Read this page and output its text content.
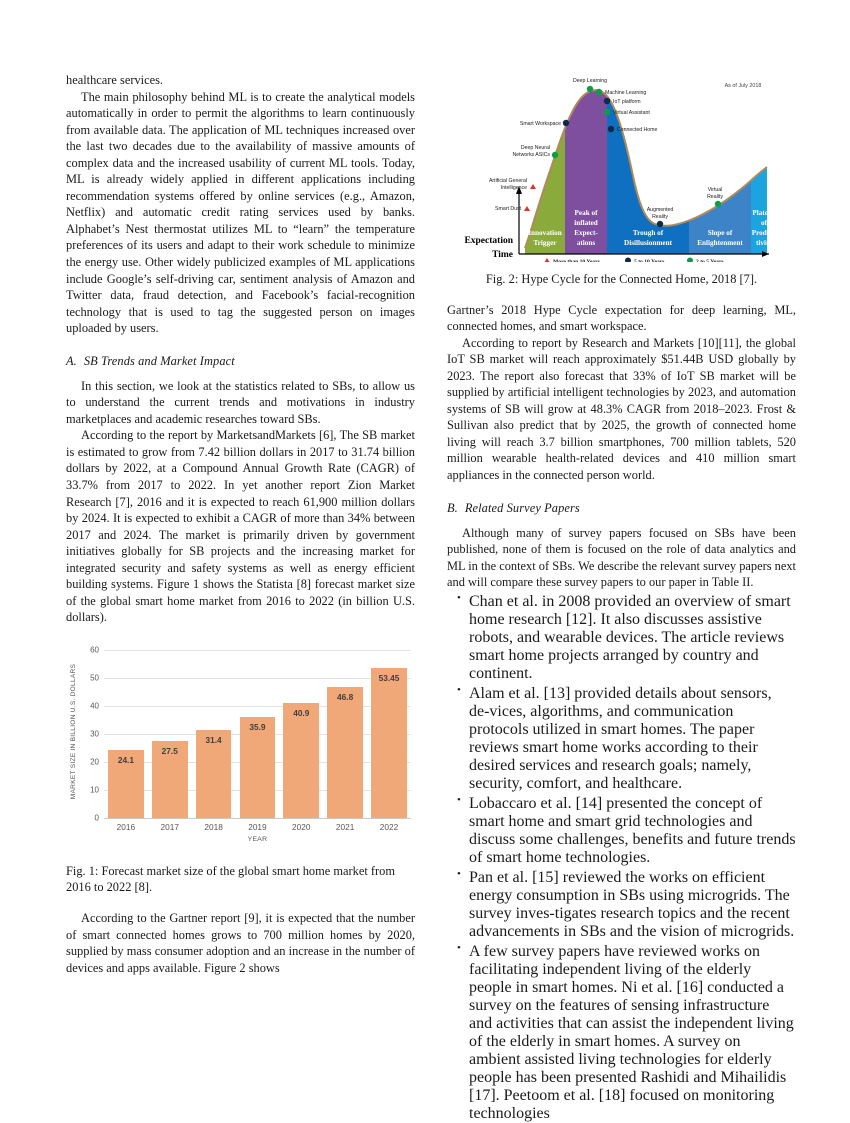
healthcare services.

The main philosophy behind ML is to create the analytical models automatically in order to permit the algorithms to learn continuously from available data. The application of ML techniques increased over the last two decades due to the availability of massive amounts of complex data and the increased usability of current ML tools. Today, ML is already widely applied in different applications including recommendation systems offered by online services (e.g., Amazon, Netflix) and automatic credit rating services used by banks. Alphabet’s Nest thermostat utilizes ML to “learn” the temperature preferences of its users and adapt to their work schedule to minimize the energy use. Other widely publicized examples of ML applications include Google’s self-driving car, sentiment analysis of Amazon and Twitter data, fraud detection, and Facebook’s facial-recognition technology that is used to tag the suggested person on images uploaded by users.

A. SB Trends and Market Impact

In this section, we look at the statistics related to SBs, to allow us to understand the current trends and motivations in industry marketplaces and academic researches toward SBs.

According to the report by MarketsandMarkets [6], The SB market is estimated to grow from 7.42 billion dollars in 2017 to 31.74 billion dollars by 2022, at a Compound Annual Growth Rate (CAGR) of 33.7% from 2017 to 2022. In yet another report Zion Market Research [7], 2016 and it is expected to reach 61,900 million dollars by 2024. It is expected to exhibit a CAGR of more than 34% between 2017 and 2024. The market is primarily driven by government initiatives globally for SB projects and the increasing market for integrated security and safety systems as well as energy efficient building systems. Figure 1 shows the Statista [8] forecast market size of the global smart home market from 2016 to 2022 (in billion U.S. dollars).

MARKET SIZE IN BILLION U.S. DOLLARS
60
50
40
30
20
10
0
24.1
27.5
31.4
35.9
40.9
46.8
53.45
2016	2017	2018	2019	2020	2021	2022
YEAR

Fig. 1: Forecast market size of the global smart home market from 2016 to 2022 [8].

According to the Gartner report [9], it is expected that the number of smart connected homes grows to 700 million homes by 2020, supplied by mass consumer adoption and an increase in the number of devices and apps available. Figure 2 shows

Expectation
Time
As of July 2018
Innovation
Trigger
Peak of
inflated
Expect-
ations
Trough of
Disillusionment
Slope of
Enlightenment
Plateau
of
Produc-
tivity
Smart Dust
Artificial General
Intelligence
Deep Neural
Networks ASICs
Smart Workspace
Deep Learning
Machine Learning
IoT platform
Virtual Assistant
Connected Home
Augmented
Reality
Virtual
Reality
More than 10 Years	5 to 10 Years	2 to 5 Years

Fig. 2: Hype Cycle for the Connected Home, 2018 [7].

Gartner’s 2018 Hype Cycle expectation for deep learning, ML, connected homes, and smart workspace.

According to report by Research and Markets [10][11], the global IoT SB market will reach approximately $51.44B USD globally by 2023. The report also forecast that 33% of IoT SB market will be supplied by artificial intelligent technologies by 2023, and automation systems of SB will grow at 48.3% CAGR from 2018–2023. Frost & Sullivan also predict that by 2025, the growth of connected home living will reach 3.7 billion smartphones, 700 million tablets, 520 million wearable health-related devices and 410 million smart appliances in the connected person world.

B. Related Survey Papers

Although many of survey papers focused on SBs have been published, none of them is focused on the role of data analytics and ML in the context of SBs. We describe the relevant survey papers next and will compare these survey papers to our paper in Table II.

• Chan et al. in 2008 provided an overview of smart home research [12]. It also discusses assistive robots, and wearable devices. The article reviews smart home projects arranged by country and continent.
• Alam et al. [13] provided details about sensors, de-vices, algorithms, and communication protocols utilized in smart homes. The paper reviews smart home works according to their desired services and research goals; namely, security, comfort, and healthcare.
• Lobaccaro et al. [14] presented the concept of smart home and smart grid technologies and discuss some challenges, benefits and future trends of smart home technologies.
• Pan et al. [15] reviewed the works on efficient energy consumption in SBs using microgrids. The survey inves-tigates research topics and the recent advancements in SBs and the vision of microgrids.
• A few survey papers have reviewed works on facilitating independent living of the elderly people in smart homes. Ni et al. [16] conducted a survey on the features of sensing infrastructure and activities that can assist the independent living of the elderly in smart homes. A survey on ambient assisted living technologies for elderly people has been presented Rashidi and Mihailidis [17]. Peetoom et al. [18] focused on monitoring technologies
